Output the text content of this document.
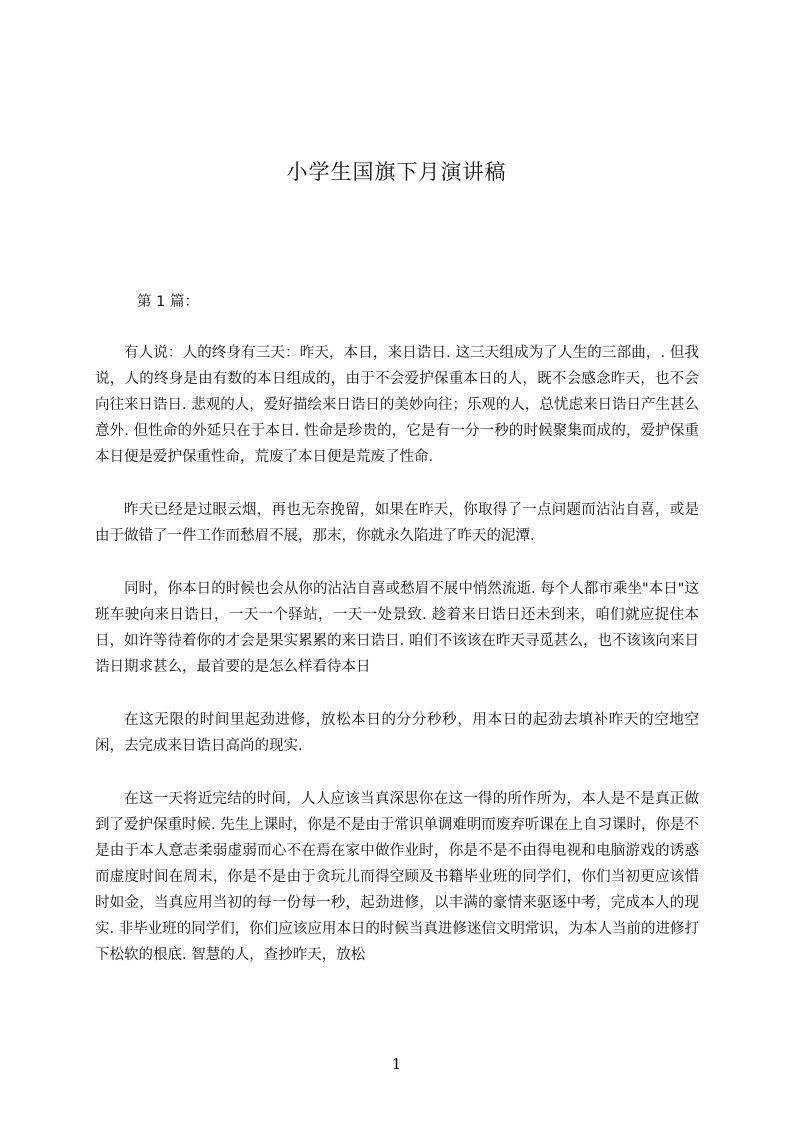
小学生国旗下月演讲稿
第 1 篇：

有人说：人的终身有三天：昨天，本日，来日诰日. 这三天组成为了人生的三部曲，. 但我说，人的终身是由有数的本日组成的，由于不会爱护保重本日的人，既不会感念昨天，也不会向往来日诰日. 悲观的人，爱好描绘来日诰日的美妙向往；乐观的人，总忧虑来日诰日产生甚么意外. 但性命的外延只在于本日. 性命是珍贵的，它是有一分一秒的时候聚集而成的，爱护保重本日便是爱护保重性命，荒废了本日便是荒废了性命.

昨天已经是过眼云烟，再也无奈挽留，如果在昨天，你取得了一点问题而沾沾自喜，或是由于做错了一件工作而愁眉不展，那末，你就永久陷进了昨天的泥潭.

同时，你本日的时候也会从你的沾沾自喜或愁眉不展中悄然流逝. 每个人都市乘坐"本日"这班车驶向来日诰日，一天一个驿站，一天一处景致. 趁着来日诰日还未到来，咱们就应捉住本日，如许等待着你的才会是果实累累的来日诰日. 咱们不该该在昨天寻觅甚么，也不该该向来日诰日期求甚么，最首要的是怎么样看待本日

在这无限的时间里起劲进修，放松本日的分分秒秒，用本日的起劲去填补昨天的空地空闲，去完成来日诰日高尚的现实.

在这一天将近完结的时间，人人应该当真深思你在这一得的所作所为，本人是不是真正做到了爱护保重时候. 先生上课时，你是不是由于常识单调难明而废弃听课在上自习课时，你是不是由于本人意志柔弱虚弱而心不在焉在家中做作业时，你是不是不由得电视和电脑游戏的诱惑而虚度时间在周末，你是不是由于贪玩儿而得空顾及书籍毕业班的同学们，你们当初更应该惜时如金，当真应用当初的每一份每一秒，起劲进修，以丰满的豪情来驱逐中考，完成本人的现实. 非毕业班的同学们，你们应该应用本日的时候当真进修迷信文明常识，为本人当前的进修打下松软的根底. 智慧的人，查抄昨天，放松

1
